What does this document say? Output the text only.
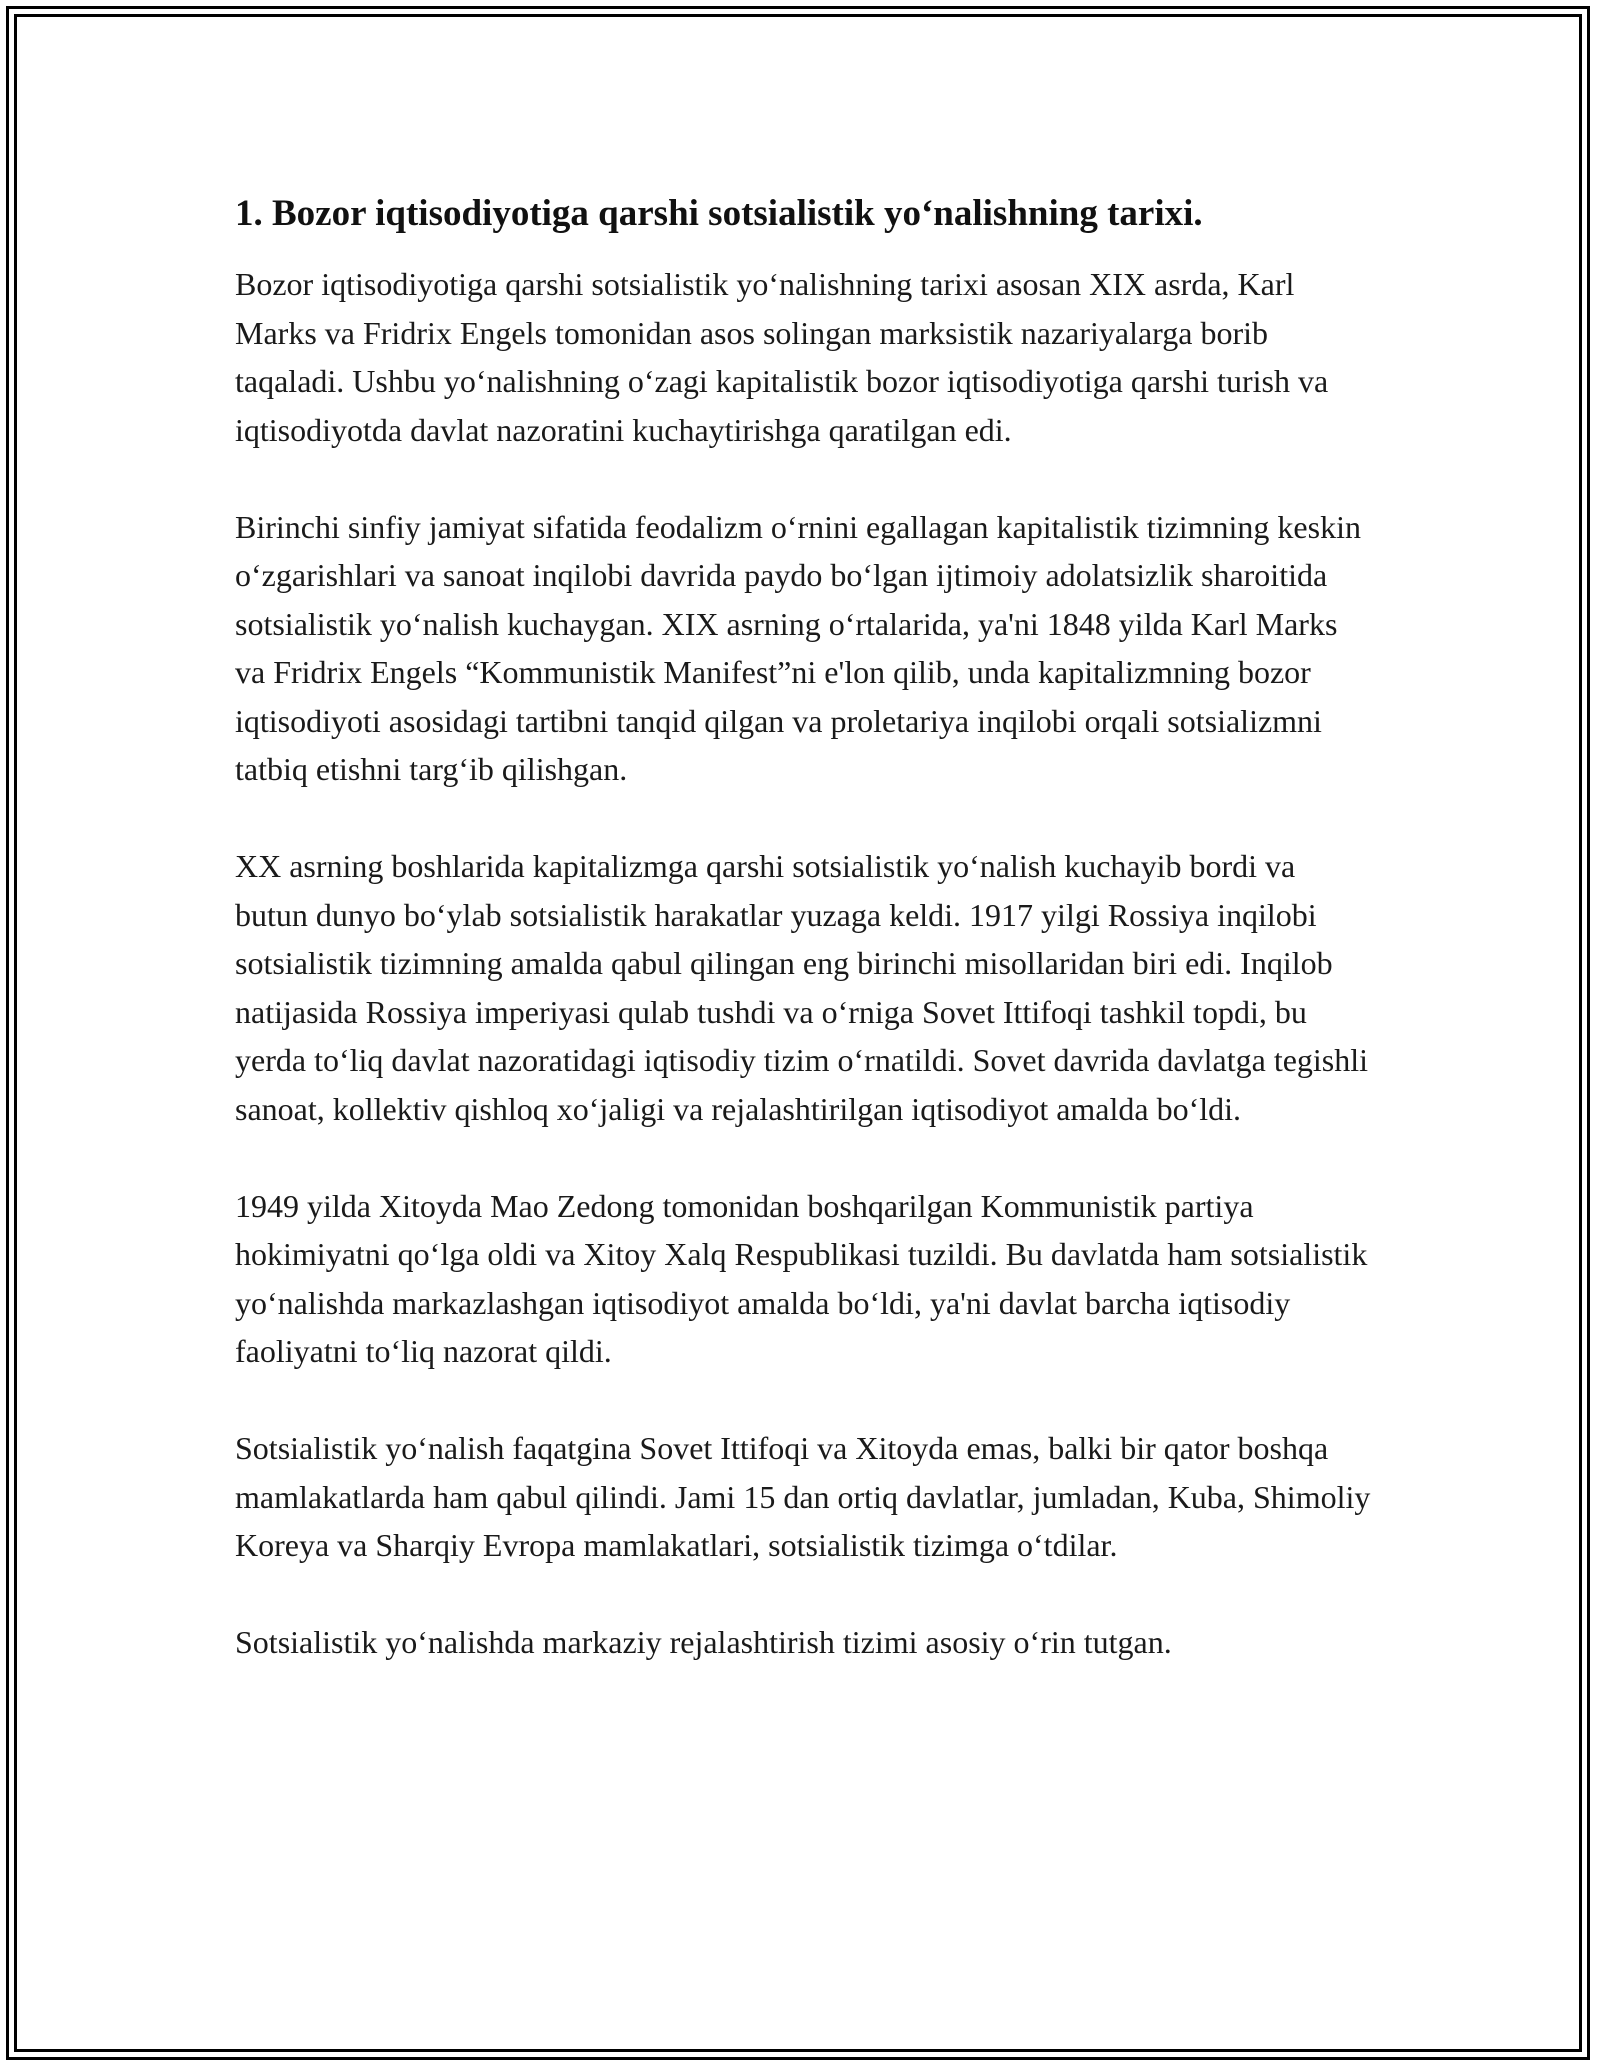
1. Bozor iqtisodiyotiga qarshi sotsialistik yo‘nalishning tarixi.

Bozor iqtisodiyotiga qarshi sotsialistik yo‘nalishning tarixi asosan XIX asrda, Karl Marks va Fridrix Engels tomonidan asos solingan marksistik nazariyalarga borib taqaladi. Ushbu yo‘nalishning o‘zagi kapitalistik bozor iqtisodiyotiga qarshi turish va iqtisodiyotda davlat nazoratini kuchaytirishga qaratilgan edi.

Birinchi sinfiy jamiyat sifatida feodalizm o‘rnini egallagan kapitalistik tizimning keskin o‘zgarishlari va sanoat inqilobi davrida paydo bo‘lgan ijtimoiy adolatsizlik sharoitida sotsialistik yo‘nalish kuchaygan. XIX asrning o‘rtalarida, ya'ni 1848 yilda Karl Marks va Fridrix Engels “Kommunistik Manifest”ni e'lon qilib, unda kapitalizmning bozor iqtisodiyoti asosidagi tartibni tanqid qilgan va proletariya inqilobi orqali sotsializmni tatbiq etishni targ‘ib qilishgan.

XX asrning boshlarida kapitalizmga qarshi sotsialistik yo‘nalish kuchayib bordi va butun dunyo bo‘ylab sotsialistik harakatlar yuzaga keldi. 1917 yilgi Rossiya inqilobi sotsialistik tizimning amalda qabul qilingan eng birinchi misollaridan biri edi. Inqilob natijasida Rossiya imperiyasi qulab tushdi va o‘rniga Sovet Ittifoqi tashkil topdi, bu yerda to‘liq davlat nazoratidagi iqtisodiy tizim o‘rnatildi. Sovet davrida davlatga tegishli sanoat, kollektiv qishloq xo‘jaligi va rejalashtirilgan iqtisodiyot amalda bo‘ldi.

1949 yilda Xitoyda Mao Zedong tomonidan boshqarilgan Kommunistik partiya hokimiyatni qo‘lga oldi va Xitoy Xalq Respublikasi tuzildi. Bu davlatda ham sotsialistik yo‘nalishda markazlashgan iqtisodiyot amalda bo‘ldi, ya'ni davlat barcha iqtisodiy faoliyatni to‘liq nazorat qildi.

Sotsialistik yo‘nalish faqatgina Sovet Ittifoqi va Xitoyda emas, balki bir qator boshqa mamlakatlarda ham qabul qilindi. Jami 15 dan ortiq davlatlar, jumladan, Kuba, Shimoliy Koreya va Sharqiy Evropa mamlakatlari, sotsialistik tizimga o‘tdilar.

Sotsialistik yo‘nalishda markaziy rejalashtirish tizimi asosiy o‘rin tutgan.
